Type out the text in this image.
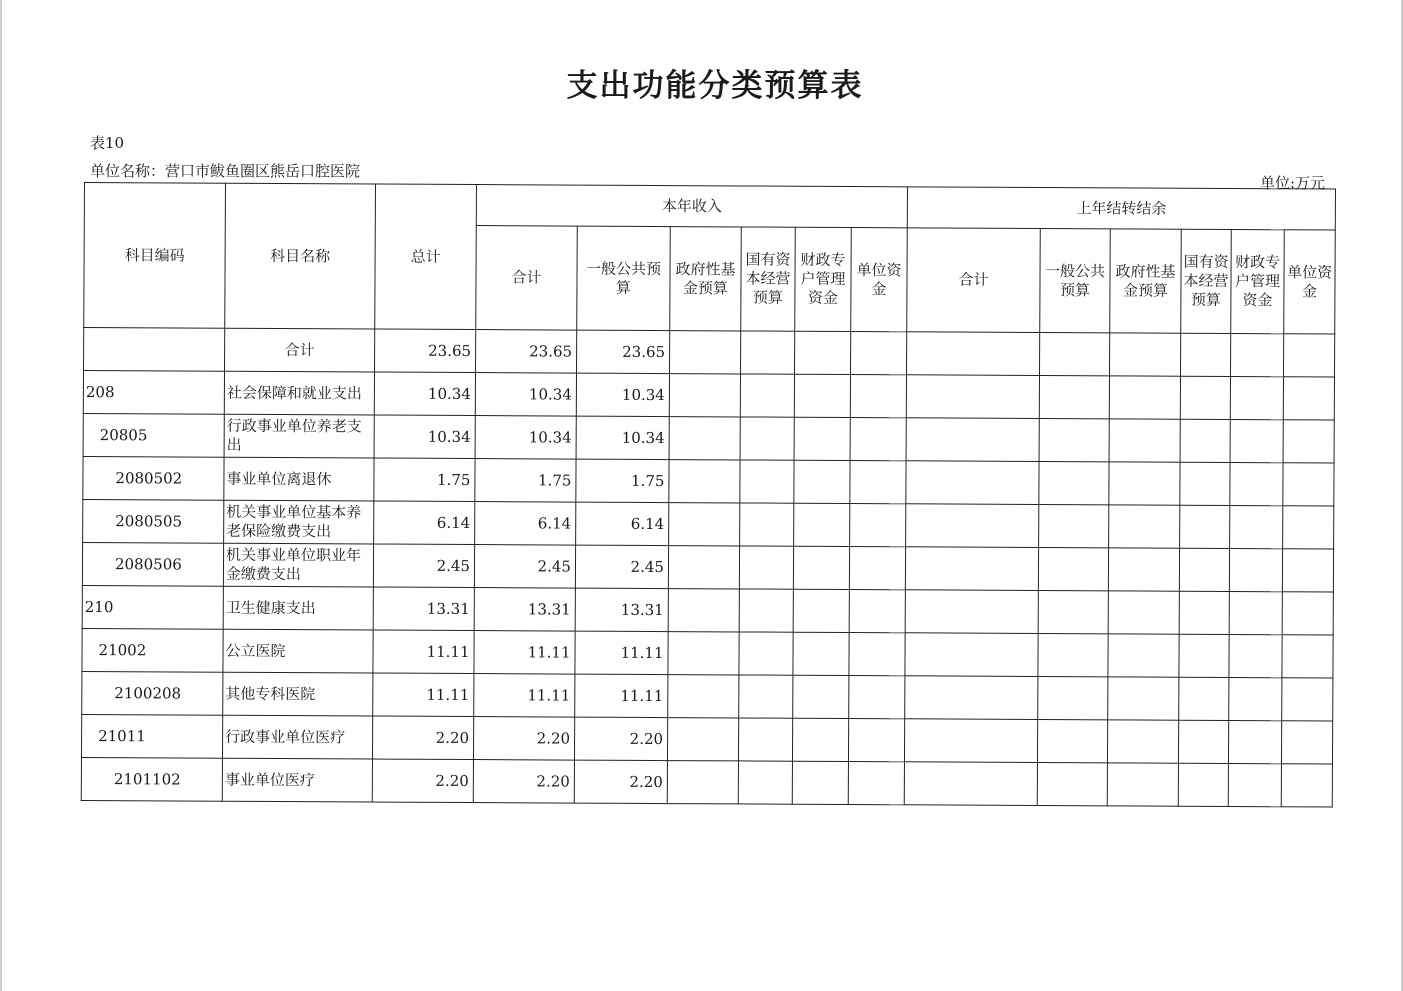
支出功能分类预算表
表10
单位名称：营口市鲅鱼圈区熊岳口腔医院
单位:万元
科目编码	科目名称	总计	本年收入						上年结转结余					
			合计	一般公共预算	政府性基金预算	国有资本经营预算	财政专户管理资金	单位资金	合计	一般公共预算	政府性基金预算	国有资本经营预算	财政专户管理资金	单位资金
	合计	23.65	23.65	23.65										
208	社会保障和就业支出	10.34	10.34	10.34										
20805	行政事业单位养老支出	10.34	10.34	10.34										
2080502	事业单位离退休	1.75	1.75	1.75										
2080505	机关事业单位基本养老保险缴费支出	6.14	6.14	6.14										
2080506	机关事业单位职业年金缴费支出	2.45	2.45	2.45										
210	卫生健康支出	13.31	13.31	13.31										
21002	公立医院	11.11	11.11	11.11										
2100208	其他专科医院	11.11	11.11	11.11										
21011	行政事业单位医疗	2.20	2.20	2.20										
2101102	事业单位医疗	2.20	2.20	2.20										
